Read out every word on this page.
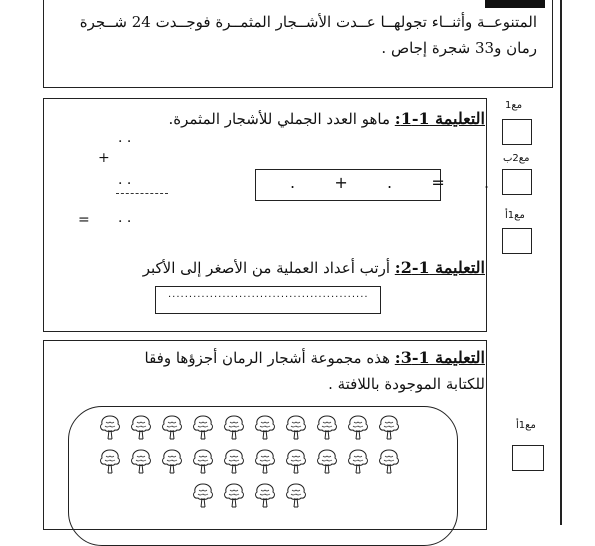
المتنوعــة وأثنــاء تجولهــا عــدت الأشــجار المثمــرة فوجــدت 24 شــجرة
رمان و33 شجرة إجاص .
التعليمة 1-1: ماهو العدد الجملي للأشجار المثمرة.
· ·
+
· ·
= · ·
.   +   .   =   .
التعليمة 1-2: أرتب أعداد العملية من الأصغر إلى الأكبر
................................................
مع1
مع2ب
مع1أ
التعليمة 1-3: هذه مجموعة أشجار الرمان أجزؤها وفقا
للكتابة الموجودة باللافتة .
مع1أ
